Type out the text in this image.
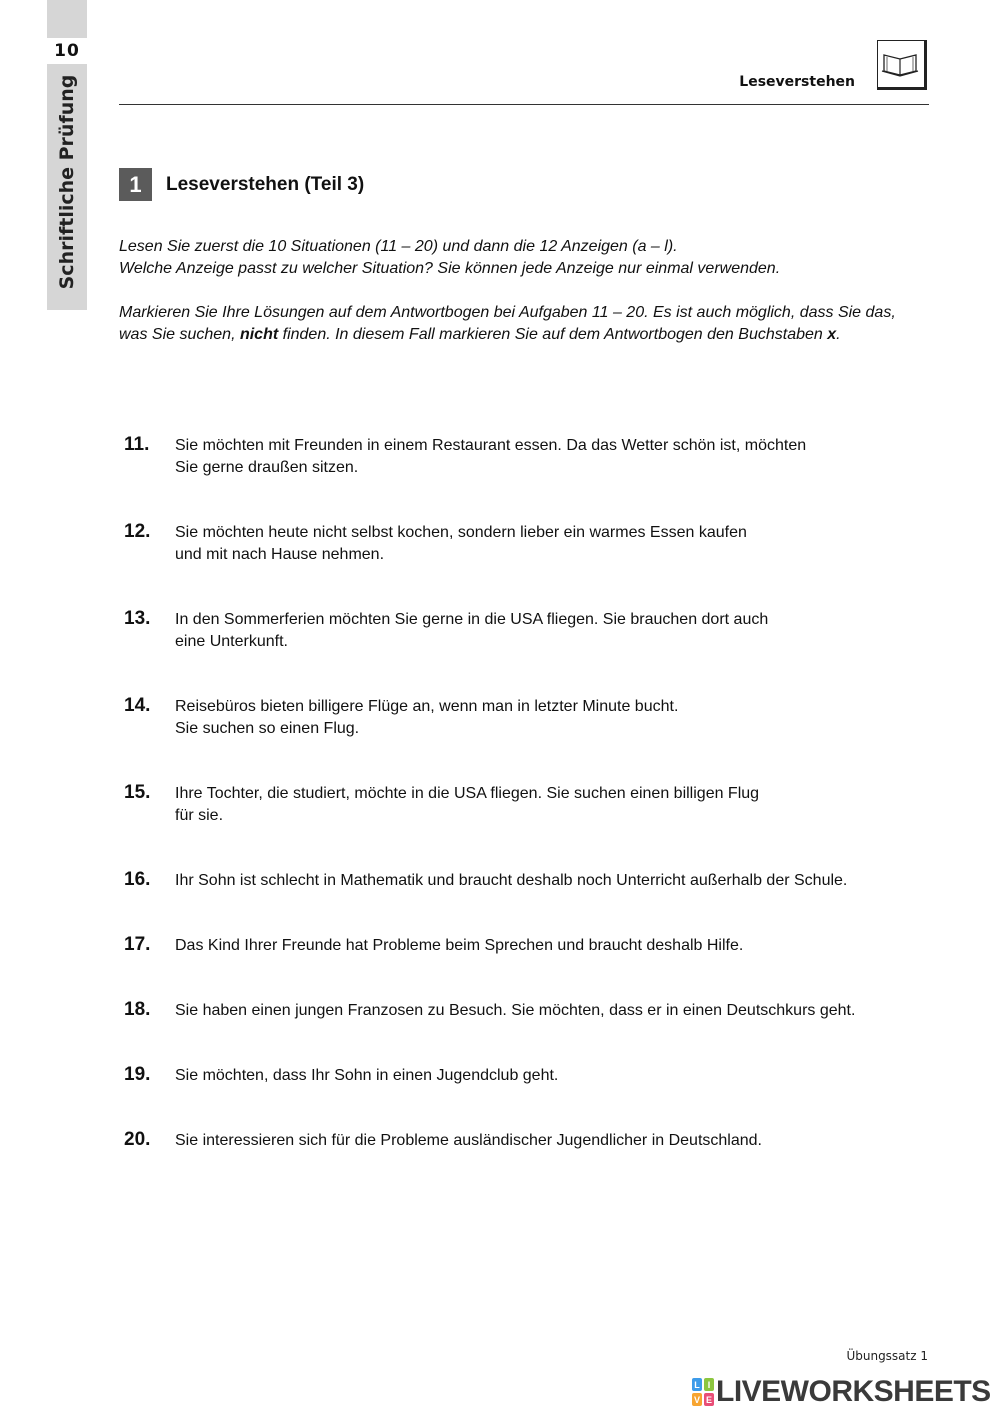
10
Schriftliche Prüfung	Leseverstehen
1	Leseverstehen (Teil 3)

Lesen Sie zuerst die 10 Situationen (11 – 20) und dann die 12 Anzeigen (a – l).
Welche Anzeige passt zu welcher Situation? Sie können jede Anzeige nur einmal verwenden.

Markieren Sie Ihre Lösungen auf dem Antwortbogen bei Aufgaben 11 – 20. Es ist auch möglich, dass Sie das, was Sie suchen, nicht finden. In diesem Fall markieren Sie auf dem Antwortbogen den Buchstaben x.

11. Sie möchten mit Freunden in einem Restaurant essen. Da das Wetter schön ist, möchten
Sie gerne draußen sitzen.
12. Sie möchten heute nicht selbst kochen, sondern lieber ein warmes Essen kaufen
und mit nach Hause nehmen.
13. In den Sommerferien möchten Sie gerne in die USA fliegen. Sie brauchen dort auch
eine Unterkunft.
14. Reisebüros bieten billigere Flüge an, wenn man in letzter Minute bucht.
Sie suchen so einen Flug.
15. Ihre Tochter, die studiert, möchte in die USA fliegen. Sie suchen einen billigen Flug
für sie.
16. Ihr Sohn ist schlecht in Mathematik und braucht deshalb noch Unterricht außerhalb der Schule.
17. Das Kind Ihrer Freunde hat Probleme beim Sprechen und braucht deshalb Hilfe.
18. Sie haben einen jungen Franzosen zu Besuch. Sie möchten, dass er in einen Deutschkurs geht.
19. Sie möchten, dass Ihr Sohn in einen Jugendclub geht.
20. Sie interessieren sich für die Probleme ausländischer Jugendlicher in Deutschland.
Übungssatz 1
L I
V E LIVEWORKSHEETS
